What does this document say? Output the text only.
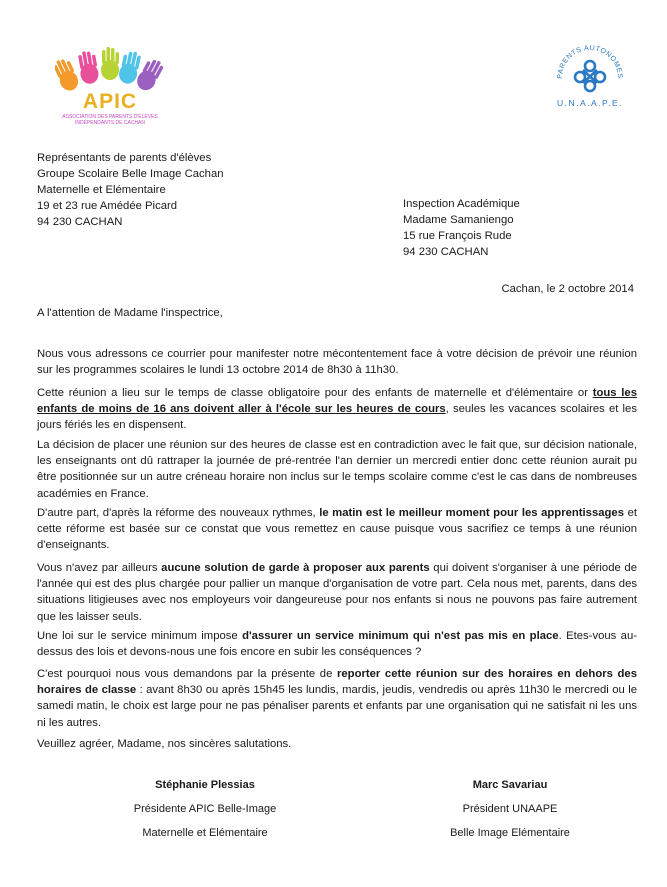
APIC
ASSOCIATION DES PARENTS D'ÉLÈVES
INDÉPENDANTS DE CACHAN
PARENTS AUTONOMES
U.N.A.A.P.E.
Représentants de parents d'élèves
Groupe Scolaire Belle Image Cachan
Maternelle et Elémentaire
19 et 23 rue Amédée Picard
94 230 CACHAN
Inspection Académique
Madame Samaniengo
15 rue François Rude
94 230 CACHAN
Cachan, le 2 octobre 2014
A l'attention de Madame l'inspectrice,

Nous vous adressons ce courrier pour manifester notre mécontentement face à votre décision de prévoir une réunion sur les programmes scolaires le lundi 13 octobre 2014 de 8h30 à 11h30.

Cette réunion a lieu sur le temps de classe obligatoire pour des enfants de maternelle et d'élémentaire or tous les enfants de moins de 16 ans doivent aller à l'école sur les heures de cours, seules les vacances scolaires et les jours fériés les en dispensent.

La décision de placer une réunion sur des heures de classe est en contradiction avec le fait que, sur décision nationale, les enseignants ont dû rattraper la journée de pré-rentrée l'an dernier un mercredi entier donc cette réunion aurait pu être positionnée sur un autre créneau horaire non inclus sur le temps scolaire comme c'est le cas dans de nombreuses académies en France.

D'autre part, d'après la réforme des nouveaux rythmes, le matin est le meilleur moment pour les apprentissages et cette réforme est basée sur ce constat que vous remettez en cause puisque vous sacrifiez ce temps à une réunion d'enseignants.

Vous n'avez par ailleurs aucune solution de garde à proposer aux parents qui doivent s'organiser à une période de l'année qui est des plus chargée pour pallier un manque d'organisation de votre part. Cela nous met, parents, dans des situations litigieuses avec nos employeurs voir dangeureuse pour nos enfants si nous ne pouvons pas faire autrement que les laisser seuls.

Une loi sur le service minimum impose d'assurer un service minimum qui n'est pas mis en place. Etes-vous au-dessus des lois et devons-nous une fois encore en subir les conséquences ?

C'est pourquoi nous vous demandons par la présente de reporter cette réunion sur des horaires en dehors des horaires de classe : avant 8h30 ou après 15h45 les lundis, mardis, jeudis, vendredis ou après 11h30 le mercredi ou le samedi matin, le choix est large pour ne pas pénaliser parents et enfants par une organisation qui ne satisfait ni les uns ni les autres.

Veuillez agréer, Madame, nos sincères salutations.
Stéphanie Plessias
Présidente APIC Belle-Image
Maternelle et Elémentaire
Marc Savariau
Président UNAAPE
Belle Image Elémentaire
